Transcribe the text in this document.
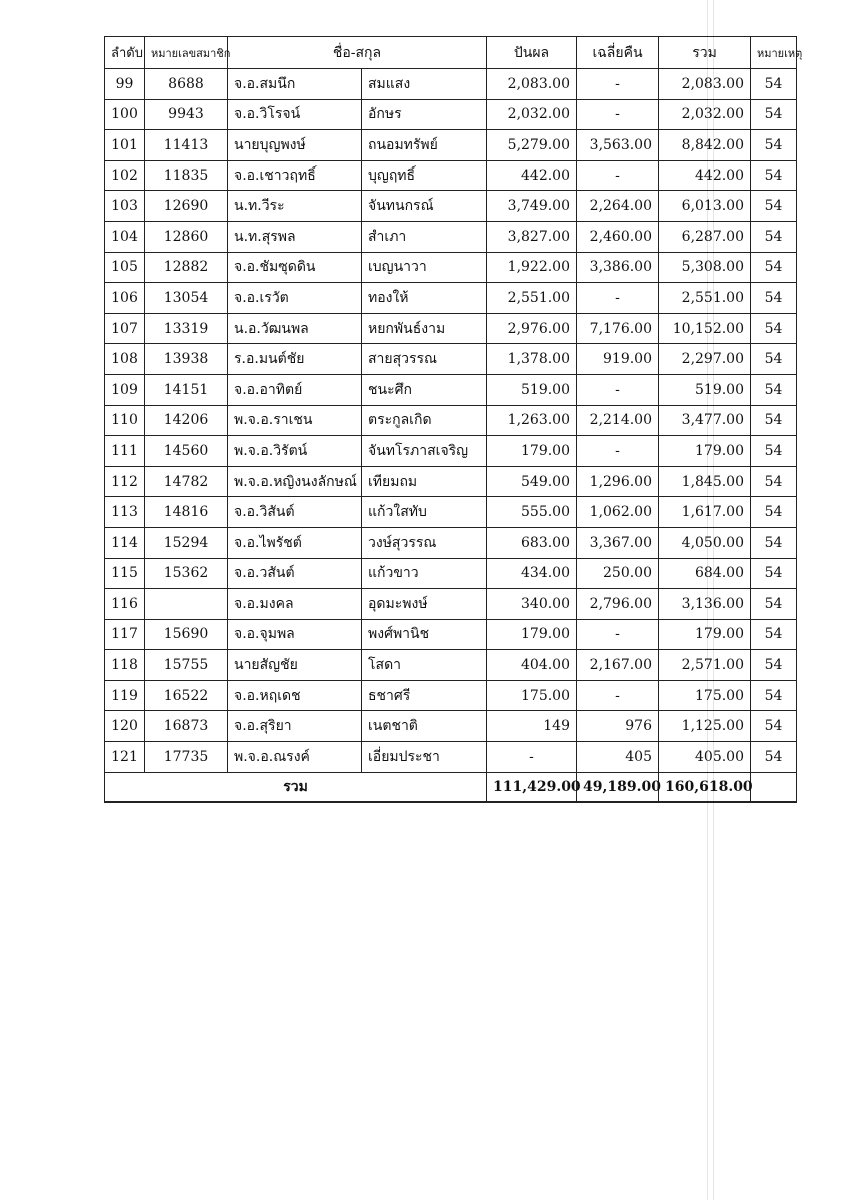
ลำดับ	หมายเลขสมาชิก	ชื่อ-สกุล		ปันผล	เฉลี่ยคืน	รวม	หมายเหตุ
99	8688	จ.อ.สมนึก	สมแสง	2,083.00	-	2,083.00	54
100	9943	จ.อ.วิโรจน์	อักษร	2,032.00	-	2,032.00	54
101	11413	นายบุญพงษ์	ถนอมทรัพย์	5,279.00	3,563.00	8,842.00	54
102	11835	จ.อ.เชาวฤทธิ์	บุญฤทธิ์	442.00	-	442.00	54
103	12690	น.ท.วีระ	จันทนกรณ์	3,749.00	2,264.00	6,013.00	54
104	12860	น.ท.สุรพล	สำเภา	3,827.00	2,460.00	6,287.00	54
105	12882	จ.อ.ชัมซุดดิน	เบญนาวา	1,922.00	3,386.00	5,308.00	54
106	13054	จ.อ.เรวัต	ทองให้	2,551.00	-	2,551.00	54
107	13319	น.อ.วัฒนพล	หยกพันธ์งาม	2,976.00	7,176.00	10,152.00	54
108	13938	ร.อ.มนต์ชัย	สายสุวรรณ	1,378.00	919.00	2,297.00	54
109	14151	จ.อ.อาทิตย์	ชนะศึก	519.00	-	519.00	54
110	14206	พ.จ.อ.ราเชน	ตระกูลเกิด	1,263.00	2,214.00	3,477.00	54
111	14560	พ.จ.อ.วิรัตน์	จันทโรภาสเจริญ	179.00	-	179.00	54
112	14782	พ.จ.อ.หญิงนงลักษณ์	เทียมถม	549.00	1,296.00	1,845.00	54
113	14816	จ.อ.วิสันต์	แก้วใสทับ	555.00	1,062.00	1,617.00	54
114	15294	จ.อ.ไพรัชต์	วงษ์สุวรรณ	683.00	3,367.00	4,050.00	54
115	15362	จ.อ.วสันต์	แก้วขาว	434.00	250.00	684.00	54
116		จ.อ.มงคล	อุดมะพงษ์	340.00	2,796.00	3,136.00	54
117	15690	จ.อ.จุมพล	พงศ์พานิช	179.00	-	179.00	54
118	15755	นายสัญชัย	โสดา	404.00	2,167.00	2,571.00	54
119	16522	จ.อ.หฤเดช	ธชาศรี	175.00	-	175.00	54
120	16873	จ.อ.สุริยา	เนตชาติ	149	976	1,125.00	54
121	17735	พ.จ.อ.ณรงค์	เอี่ยมประชา	-	405	405.00	54
รวม				111,429.00	49,189.00	160,618.00	
